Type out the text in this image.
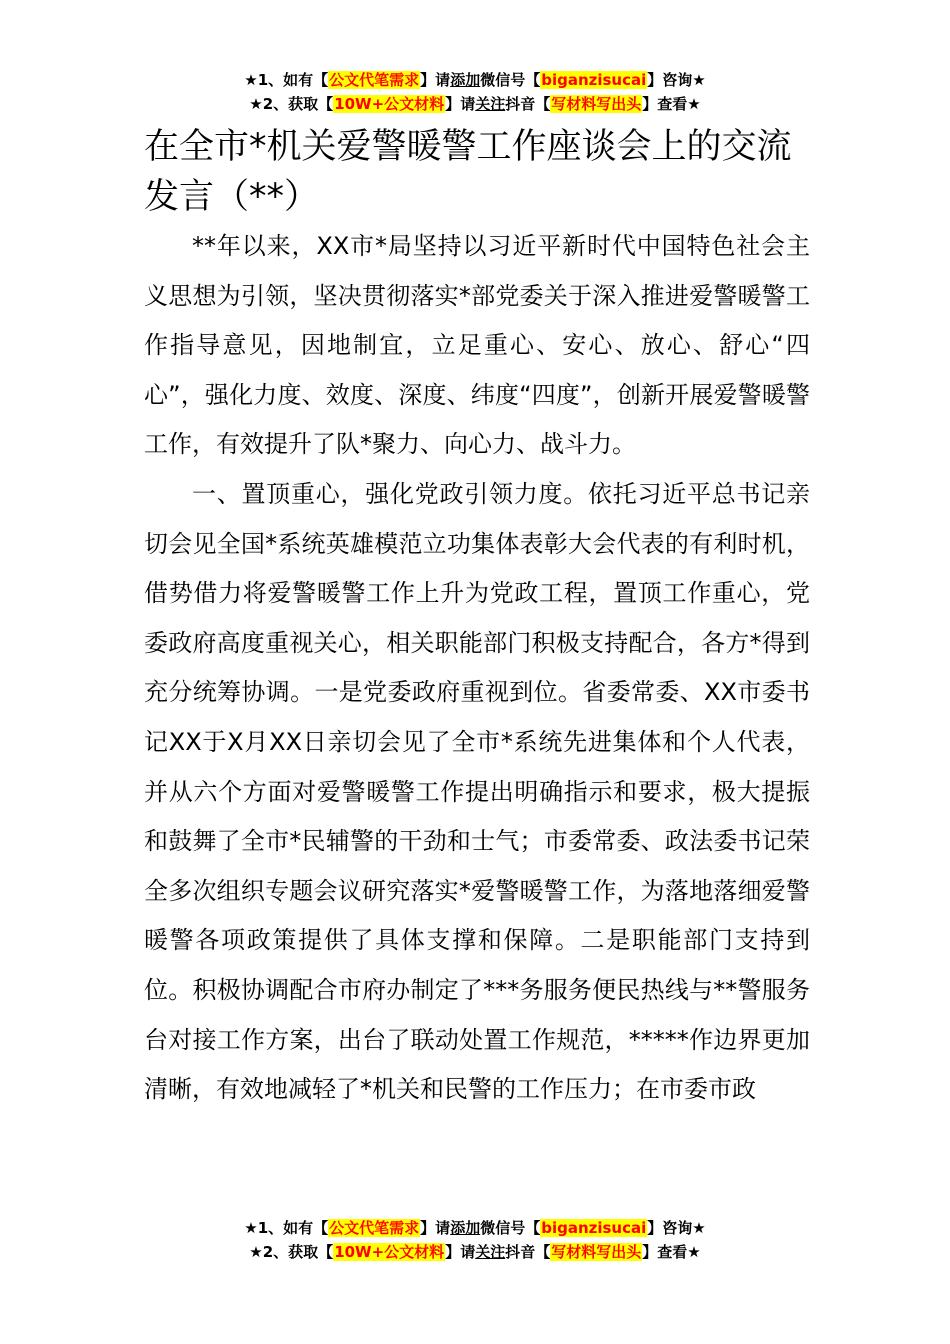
★1、如有【公文代笔需求】请添加微信号【biganzisucai】咨询★
★2、获取【10W+公文材料】请关注抖音【写材料写出头】查看★
在全市*机关爱警暖警工作座谈会上的交流发言（**）

**年以来，XX市*局坚持以习近平新时代中国特色社会主义思想为引领，坚决贯彻落实*部党委关于深入推进爱警暖警工作指导意见，因地制宜，立足重心、安心、放心、舒心“四心”，强化力度、效度、深度、纬度“四度”，创新开展爱警暖警工作，有效提升了队*聚力、向心力、战斗力。

一、置顶重心，强化党政引领力度。依托习近平总书记亲切会见全国*系统英雄模范立功集体表彰大会代表的有利时机，借势借力将爱警暖警工作上升为党政工程，置顶工作重心，党委政府高度重视关心，相关职能部门积极支持配合，各方*得到充分统筹协调。一是党委政府重视到位。省委常委、XX市委书记XX于X月XX日亲切会见了全市*系统先进集体和个人代表，并从六个方面对爱警暖警工作提出明确指示和要求，极大提振和鼓舞了全市*民辅警的干劲和士气；市委常委、政法委书记荣全多次组织专题会议研究落实*爱警暖警工作，为落地落细爱警暖警各项政策提供了具体支撑和保障。二是职能部门支持到位。积极协调配合市府办制定了***务服务便民热线与**警服务台对接工作方案，出台了联动处置工作规范，*****作边界更加清晰，有效地减轻了*机关和民警的工作压力；在市委市政

★1、如有【公文代笔需求】请添加微信号【biganzisucai】咨询★
★2、获取【10W+公文材料】请关注抖音【写材料写出头】查看★
